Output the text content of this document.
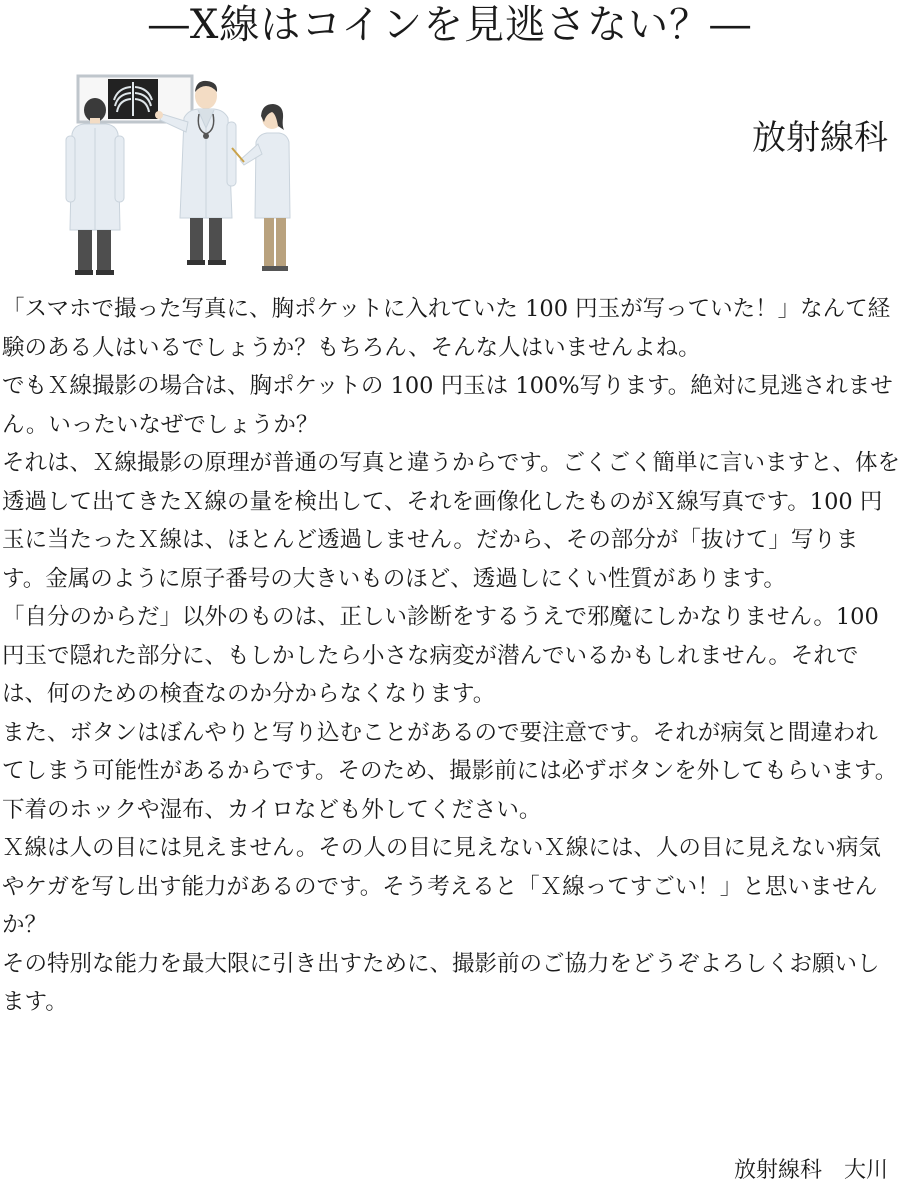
―X線はコインを見逃さない？―
放射線科

「スマホで撮った写真に、胸ポケットに入れていた 100 円玉が写っていた！」なんて経験のある人はいるでしょうか？もちろん、そんな人はいませんよね。

でもＸ線撮影の場合は、胸ポケットの 100 円玉は 100%写ります。絶対に見逃されません。いったいなぜでしょうか？

それは、Ｘ線撮影の原理が普通の写真と違うからです。ごくごく簡単に言いますと、体を透過して出てきたＸ線の量を検出して、それを画像化したものがＸ線写真です。100 円玉に当たったＸ線は、ほとんど透過しません。だから、その部分が「抜けて」写ります。金属のように原子番号の大きいものほど、透過しにくい性質があります。

「自分のからだ」以外のものは、正しい診断をするうえで邪魔にしかなりません。100 円玉で隠れた部分に、もしかしたら小さな病変が潜んでいるかもしれません。それでは、何のための検査なのか分からなくなります。

また、ボタンはぼんやりと写り込むことがあるので要注意です。それが病気と間違われてしまう可能性があるからです。そのため、撮影前には必ずボタンを外してもらいます。下着のホックや湿布、カイロなども外してください。

Ｘ線は人の目には見えません。その人の目に見えないＸ線には、人の目に見えない病気やケガを写し出す能力があるのです。そう考えると「Ｘ線ってすごい！」と思いませんか？

その特別な能力を最大限に引き出すために、撮影前のご協力をどうぞよろしくお願いします。

放射線科　大川
